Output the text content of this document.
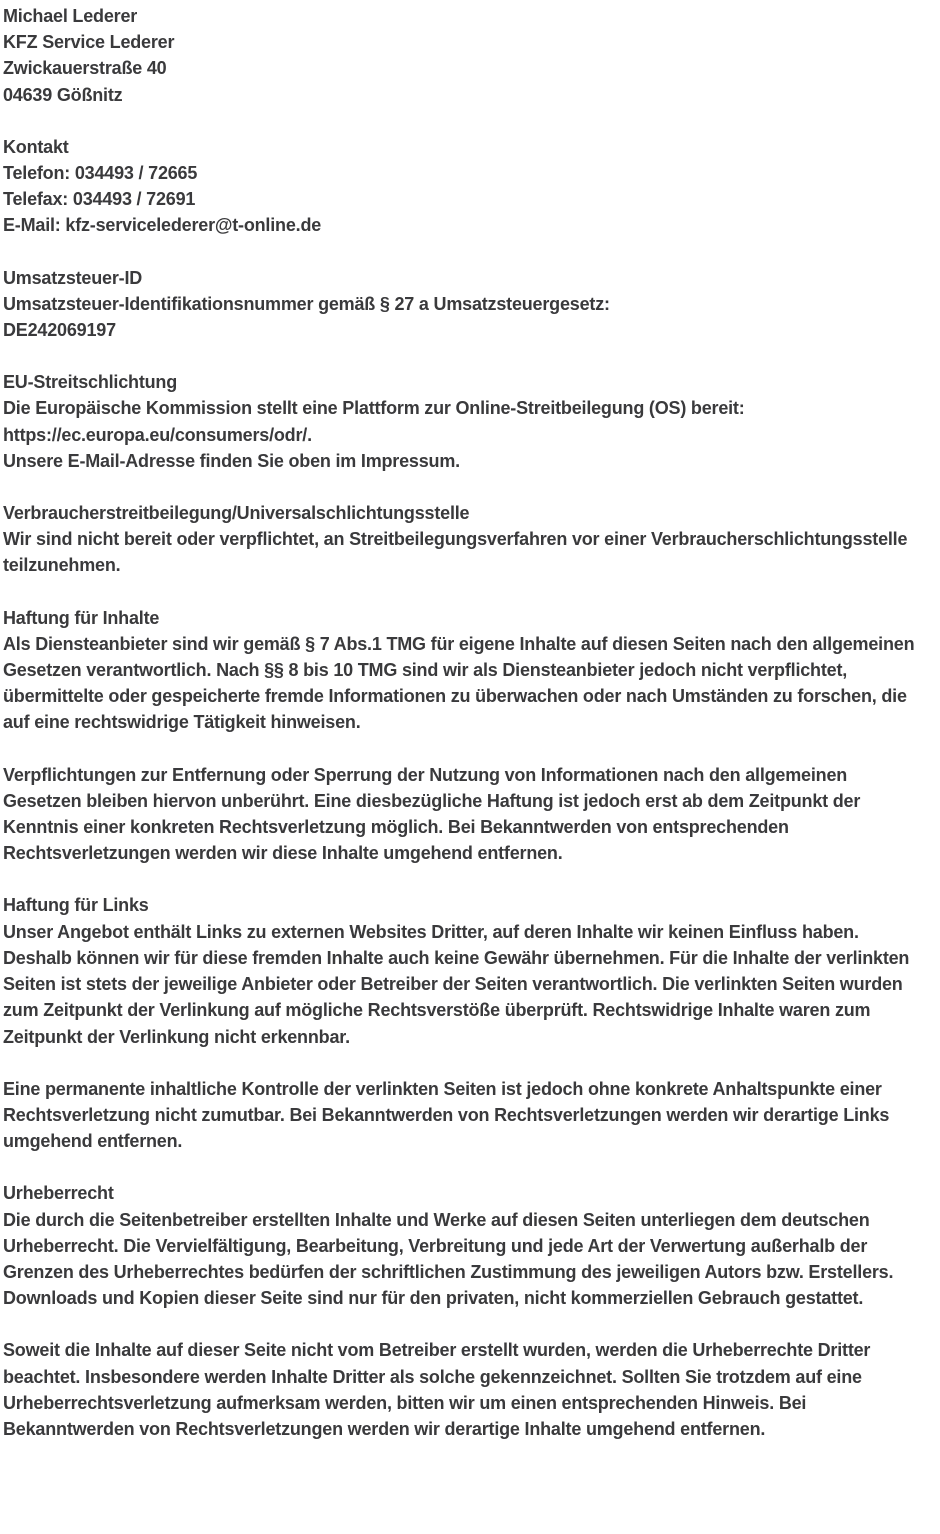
Michael Lederer
KFZ Service Lederer
Zwickauerstraße 40
04639 Gößnitz

Kontakt
Telefon: 034493 / 72665
Telefax: 034493 / 72691
E-Mail: kfz-servicelederer@t-online.de

Umsatzsteuer-ID
Umsatzsteuer-Identifikationsnummer gemäß § 27 a Umsatzsteuergesetz:
DE242069197

EU-Streitschlichtung
Die Europäische Kommission stellt eine Plattform zur Online-Streitbeilegung (OS) bereit:
https://ec.europa.eu/consumers/odr/.
Unsere E-Mail-Adresse finden Sie oben im Impressum.

Verbraucherstreitbeilegung/Universalschlichtungsstelle
Wir sind nicht bereit oder verpflichtet, an Streitbeilegungsverfahren vor einer Verbraucherschlichtungsstelle
teilzunehmen.

Haftung für Inhalte
Als Diensteanbieter sind wir gemäß § 7 Abs.1 TMG für eigene Inhalte auf diesen Seiten nach den allgemeinen
Gesetzen verantwortlich. Nach §§ 8 bis 10 TMG sind wir als Diensteanbieter jedoch nicht verpflichtet,
übermittelte oder gespeicherte fremde Informationen zu überwachen oder nach Umständen zu forschen, die
auf eine rechtswidrige Tätigkeit hinweisen.

Verpflichtungen zur Entfernung oder Sperrung der Nutzung von Informationen nach den allgemeinen
Gesetzen bleiben hiervon unberührt. Eine diesbezügliche Haftung ist jedoch erst ab dem Zeitpunkt der
Kenntnis einer konkreten Rechtsverletzung möglich. Bei Bekanntwerden von entsprechenden
Rechtsverletzungen werden wir diese Inhalte umgehend entfernen.

Haftung für Links
Unser Angebot enthält Links zu externen Websites Dritter, auf deren Inhalte wir keinen Einfluss haben.
Deshalb können wir für diese fremden Inhalte auch keine Gewähr übernehmen. Für die Inhalte der verlinkten
Seiten ist stets der jeweilige Anbieter oder Betreiber der Seiten verantwortlich. Die verlinkten Seiten wurden
zum Zeitpunkt der Verlinkung auf mögliche Rechtsverstöße überprüft. Rechtswidrige Inhalte waren zum
Zeitpunkt der Verlinkung nicht erkennbar.

Eine permanente inhaltliche Kontrolle der verlinkten Seiten ist jedoch ohne konkrete Anhaltspunkte einer
Rechtsverletzung nicht zumutbar. Bei Bekanntwerden von Rechtsverletzungen werden wir derartige Links
umgehend entfernen.

Urheberrecht
Die durch die Seitenbetreiber erstellten Inhalte und Werke auf diesen Seiten unterliegen dem deutschen
Urheberrecht. Die Vervielfältigung, Bearbeitung, Verbreitung und jede Art der Verwertung außerhalb der
Grenzen des Urheberrechtes bedürfen der schriftlichen Zustimmung des jeweiligen Autors bzw. Erstellers.
Downloads und Kopien dieser Seite sind nur für den privaten, nicht kommerziellen Gebrauch gestattet.

Soweit die Inhalte auf dieser Seite nicht vom Betreiber erstellt wurden, werden die Urheberrechte Dritter
beachtet. Insbesondere werden Inhalte Dritter als solche gekennzeichnet. Sollten Sie trotzdem auf eine
Urheberrechtsverletzung aufmerksam werden, bitten wir um einen entsprechenden Hinweis. Bei
Bekanntwerden von Rechtsverletzungen werden wir derartige Inhalte umgehend entfernen.
